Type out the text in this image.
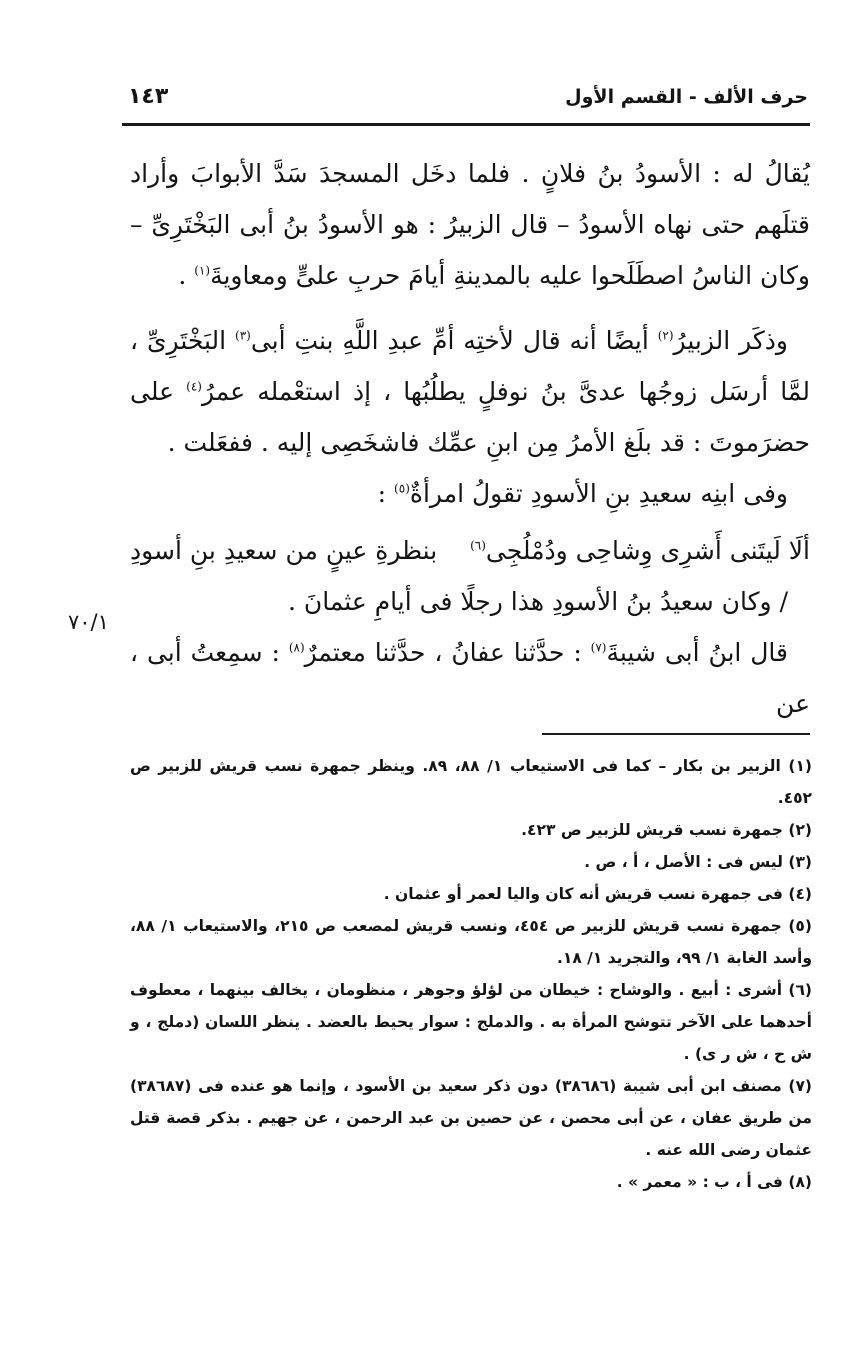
حرف الألف - القسم الأول
١٤٣

يُقالُ له : الأسودُ بنُ فلانٍ . فلما دخَل المسجدَ سَدَّ الأبوابَ وأراد قتلَهم حتى نهاه الأسودُ – قال الزبيرُ : هو الأسودُ بنُ أبى البَخْتَرِىِّ – وكان الناسُ اصطَلَحوا عليه بالمدينةِ أيامَ حربِ علىٍّ ومعاويةَ$^{(١)}$ .

وذكَر الزبيرُ$^{(٢)}$ أيضًا أنه قال لأختِه أمِّ عبدِ اللَّهِ بنتِ أبى$^{(٣)}$ البَخْتَرِىِّ ، لمَّا أرسَل زوجُها عدىَّ بنُ نوفلٍ يطلُبُها ، إذ استعْمله عمرُ$^{(٤)}$ على حضرَموتَ : قد بلَغ الأمرُ مِن ابنِ عمِّك فاشخَصِى إليه . ففعَلت .

وفى ابنِه سعيدِ بنِ الأسودِ تقولُ امرأةٌ$^{(٥)}$ :

ألَا لَيتَنى أَشرِى وِشاحِى ودُمْلُجِى$^{(٦)}$
بنظرةِ عينٍ من سعيدِ بنِ أسودِ

/ وكان سعيدُ بنُ الأسودِ هذا رجلًا فى أيامِ عثمانَ .

قال ابنُ أبى شيبةَ$^{(٧)}$ : حدَّثنا عفانُ ، حدَّثنا معتمرٌ$^{(٨)}$ : سمِعتُ أبى ، عن

٧٠/١

(١) الزبير بن بكار – كما فى الاستيعاب ١/ ٨٨، ٨٩. وينظر جمهرة نسب قريش للزبير ص ٤٥٢.

(٢) جمهرة نسب قريش للزبير ص ٤٢٣.

(٣) ليس فى : الأصل ، أ ، ص .

(٤) فى جمهرة نسب قريش أنه كان واليا لعمر أو عثمان .

(٥) جمهرة نسب قريش للزبير ص ٤٥٤، ونسب قريش لمصعب ص ٢١٥، والاستيعاب ١/ ٨٨، وأسد الغابة ١/ ٩٩، والتجريد ١/ ١٨.

(٦) أشرى : أبيع . والوشاح : خيطان من لؤلؤ وجوهر ، منظومان ، يخالف بينهما ، معطوف أحدهما على الآخر تتوشح المرأة به . والدملج : سوار يحيط بالعضد . ينظر اللسان (دملج ، و ش ح ، ش ر ى) .

(٧) مصنف ابن أبى شيبة (٣٨٦٨٦) دون ذكر سعيد بن الأسود ، وإنما هو عنده فى (٣٨٦٨٧) من طريق عفان ، عن أبى محصن ، عن حصين بن عبد الرحمن ، عن جهيم . بذكر قصة قتل عثمان رضى الله عنه .

(٨) فى أ ، ب : « معمر » .
